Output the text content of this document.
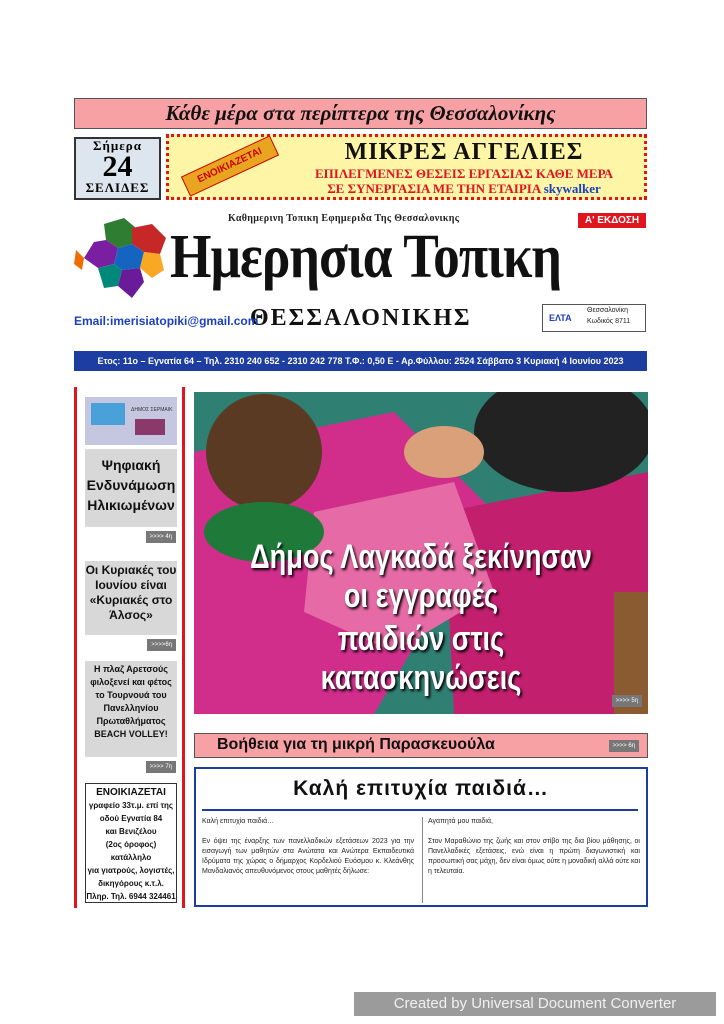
Κάθε μέρα στα περίπτερα της Θεσσαλονίκης
Σήμερα
24
ΣΕΛΙΔΕΣ
ΕΝΟΙΚΙΑΖΕΤΑΙ	ΜΙΚΡΕΣ ΑΓΓΕΛΙΕΣ
ΕΠΙΛΕΓΜΕΝΕΣ ΘΕΣΕΙΣ ΕΡΓΑΣΙΑΣ ΚΑΘΕ ΜΕΡΑ
ΣΕ ΣΥΝΕΡΓΑΣΙΑ ΜΕ ΤΗΝ ΕΤΑΙΡΙΑ skywalker
Καθημερινη Τοπικη Εφημεριδα Της Θεσσαλονικης	Α' ΕΚΔΟΣΗ
Ημερησια Τοπικη
ΘΕΣΣΑΛΟΝΙΚΗΣ
Email:imerisiatopiki@gmail.com	ΕΛΤΑ
Θεσσαλονίκη
Κωδικός 8711
Ετος: 11ο – Εγνατία 64 – Τηλ. 2310 240 652 - 2310 242 778 Τ.Φ.: 0,50 Ε - Αρ.Φύλλου: 2524 Σάββατο 3 Κυριακή 4 Ιουνίου 2023
ΔΗΜΟΣ ΣΕΡΜΑΙΚ
Ψηφιακή Ενδυνάμωση Ηλικιωμένων
>>>> 4η
Οι Κυριακές του Ιουνίου είναι «Κυριακές στο Άλσος»
>>>>6η
Η πλαζ Αρετσούς φιλοξενεί και φέτος το Τουρνουά του Πανελληνίου Πρωταθλήματος BEACH VOLLEY!
>>>> 7η
ΕΝΟΙΚΙΑΖΕΤΑΙ
γραφείο 33τ.μ. επί της
οδού Εγνατία 84
και Βενιζέλου
(2ος όροφος) κατάλληλο
για γιατρούς, λογιστές,
δικηγόρους κ.τ.λ.
Πληρ. Τηλ. 6944 324461
Δήμος Λαγκαδά ξεκίνησαν οι εγγραφές
παιδιών στις κατασκηνώσεις
>>>> 5η
Βοήθεια για τη μικρή Παρασκευούλα	>>>> 6η
Καλή επιτυχία παιδιά…

Καλή επιτυχία παιδιά…

Εν όψει της έναρξης των πανελλαδικών εξετάσεων 2023 για την εισαγωγή των μαθητών στα Ανώτατα και Ανώτερα Εκπαιδευτικά Ιδρύματα της χώρας ο δήμαρχος Κορδελιού Ευόσμου κ. Κλεάνθης Μανδαλιανός απευθυνόμενος στους μαθητές δήλωσε:

Αγαπητά μου παιδιά,

Στον Μαραθώνιο της ζωής και στον στίβο της δια βίου μάθησης, οι Πανελλαδικές εξετάσεις, ενώ είναι η πρώτη διαγωνιστική και προσωπική σας μάχη, δεν είναι όμως ούτε η μοναδική αλλά ούτε και η τελευταία.

Created by Universal Document Converter
